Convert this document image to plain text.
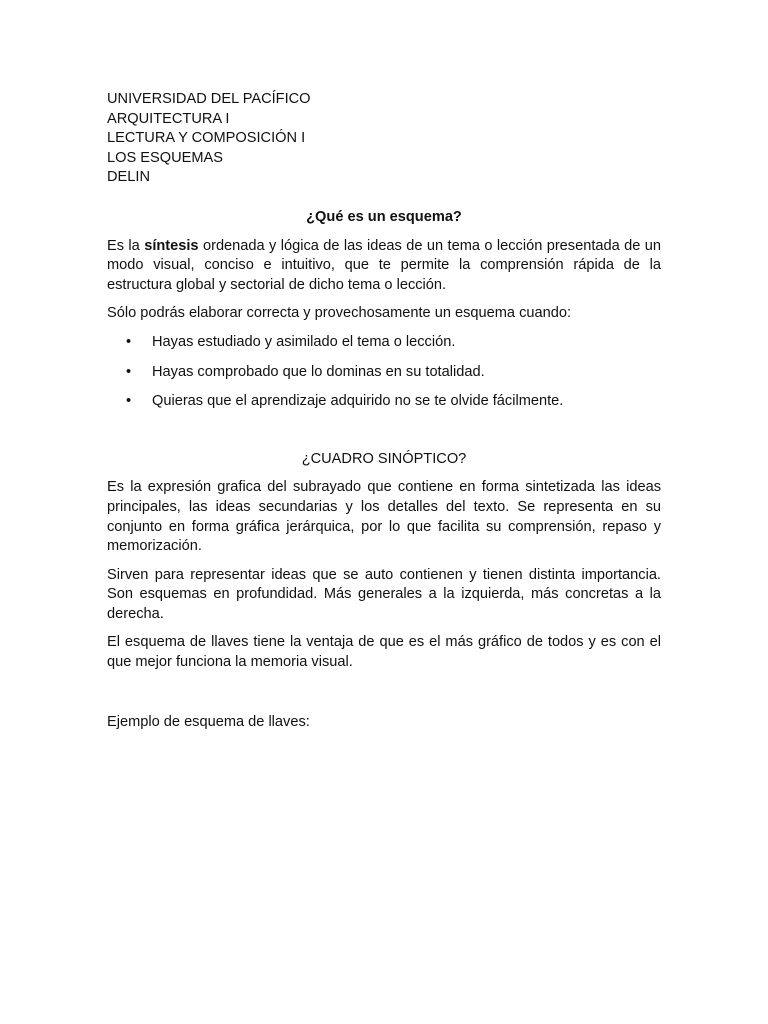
UNIVERSIDAD DEL PACÍFICO
ARQUITECTURA I
LECTURA Y COMPOSICIÓN I
LOS ESQUEMAS
DELIN
¿Qué es un esquema?

Es la síntesis ordenada y lógica de las ideas de un tema o lección presentada de un modo visual, conciso e intuitivo, que te permite la comprensión rápida de la estructura global y sectorial de dicho tema o lección.

Sólo podrás elaborar correcta y provechosamente un esquema cuando:

• Hayas estudiado y asimilado el tema o lección.
• Hayas comprobado que lo dominas en su totalidad.
• Quieras que el aprendizaje adquirido no se te olvide fácilmente.
¿CUADRO SINÓPTICO?

Es la expresión grafica del subrayado que contiene en forma sintetizada las ideas principales, las ideas secundarias y los detalles del texto. Se representa en su conjunto en forma gráfica jerárquica, por lo que facilita su comprensión, repaso y memorización.

Sirven para representar ideas que se auto contienen y tienen distinta importancia. Son esquemas en profundidad. Más generales a la izquierda, más concretas a la derecha.

El esquema de llaves tiene la ventaja de que es el más gráfico de todos y es con el que mejor funciona la memoria visual.

Ejemplo de esquema de llaves:
